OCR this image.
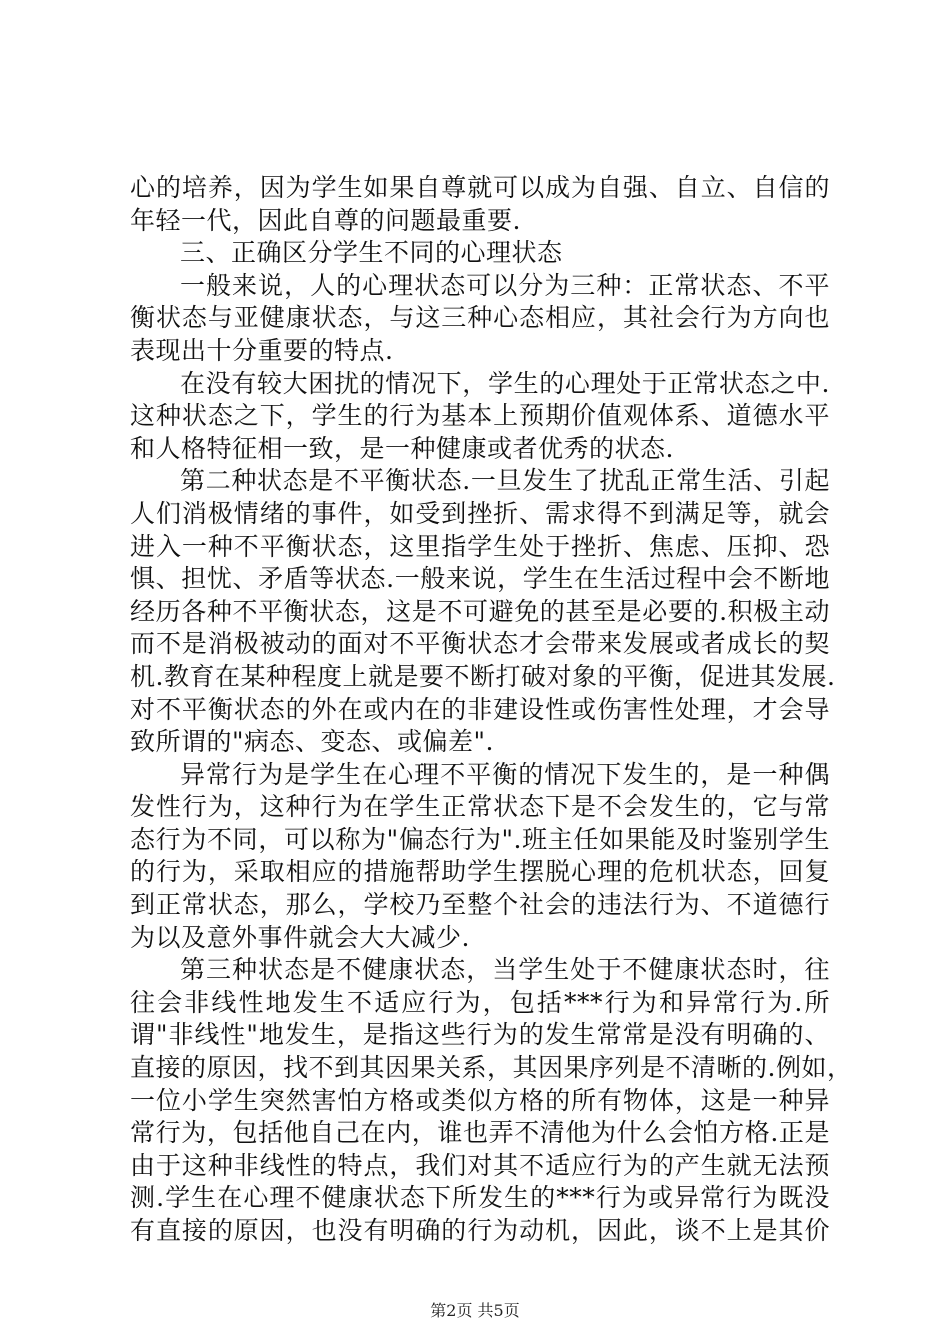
心的培养，因为学生如果自尊就可以成为自强、自立、自信的
年轻一代，因此自尊的问题最重要.
三、正确区分学生不同的心理状态
一般来说，人的心理状态可以分为三种：正常状态、不平
衡状态与亚健康状态，与这三种心态相应，其社会行为方向也
表现出十分重要的特点.
在没有较大困扰的情况下，学生的心理处于正常状态之中.
这种状态之下，学生的行为基本上预期价值观体系、道德水平
和人格特征相一致，是一种健康或者优秀的状态.
第二种状态是不平衡状态.一旦发生了扰乱正常生活、引起
人们消极情绪的事件，如受到挫折、需求得不到满足等，就会
进入一种不平衡状态，这里指学生处于挫折、焦虑、压抑、恐
惧、担忧、矛盾等状态.一般来说，学生在生活过程中会不断地
经历各种不平衡状态，这是不可避免的甚至是必要的.积极主动
而不是消极被动的面对不平衡状态才会带来发展或者成长的契
机.教育在某种程度上就是要不断打破对象的平衡，促进其发展.
对不平衡状态的外在或内在的非建设性或伤害性处理，才会导
致所谓的"病态、变态、或偏差".
异常行为是学生在心理不平衡的情况下发生的，是一种偶
发性行为，这种行为在学生正常状态下是不会发生的，它与常
态行为不同，可以称为"偏态行为".班主任如果能及时鉴别学生
的行为，采取相应的措施帮助学生摆脱心理的危机状态，回复
到正常状态，那么，学校乃至整个社会的违法行为、不道德行
为以及意外事件就会大大减少.
第三种状态是不健康状态，当学生处于不健康状态时，往
往会非线性地发生不适应行为，包括***行为和异常行为.所
谓"非线性"地发生，是指这些行为的发生常常是没有明确的、
直接的原因，找不到其因果关系，其因果序列是不清晰的.例如，
一位小学生突然害怕方格或类似方格的所有物体，这是一种异
常行为，包括他自己在内，谁也弄不清他为什么会怕方格.正是
由于这种非线性的特点，我们对其不适应行为的产生就无法预
测.学生在心理不健康状态下所发生的***行为或异常行为既没
有直接的原因，也没有明确的行为动机，因此，谈不上是其价
第2页 共5页
